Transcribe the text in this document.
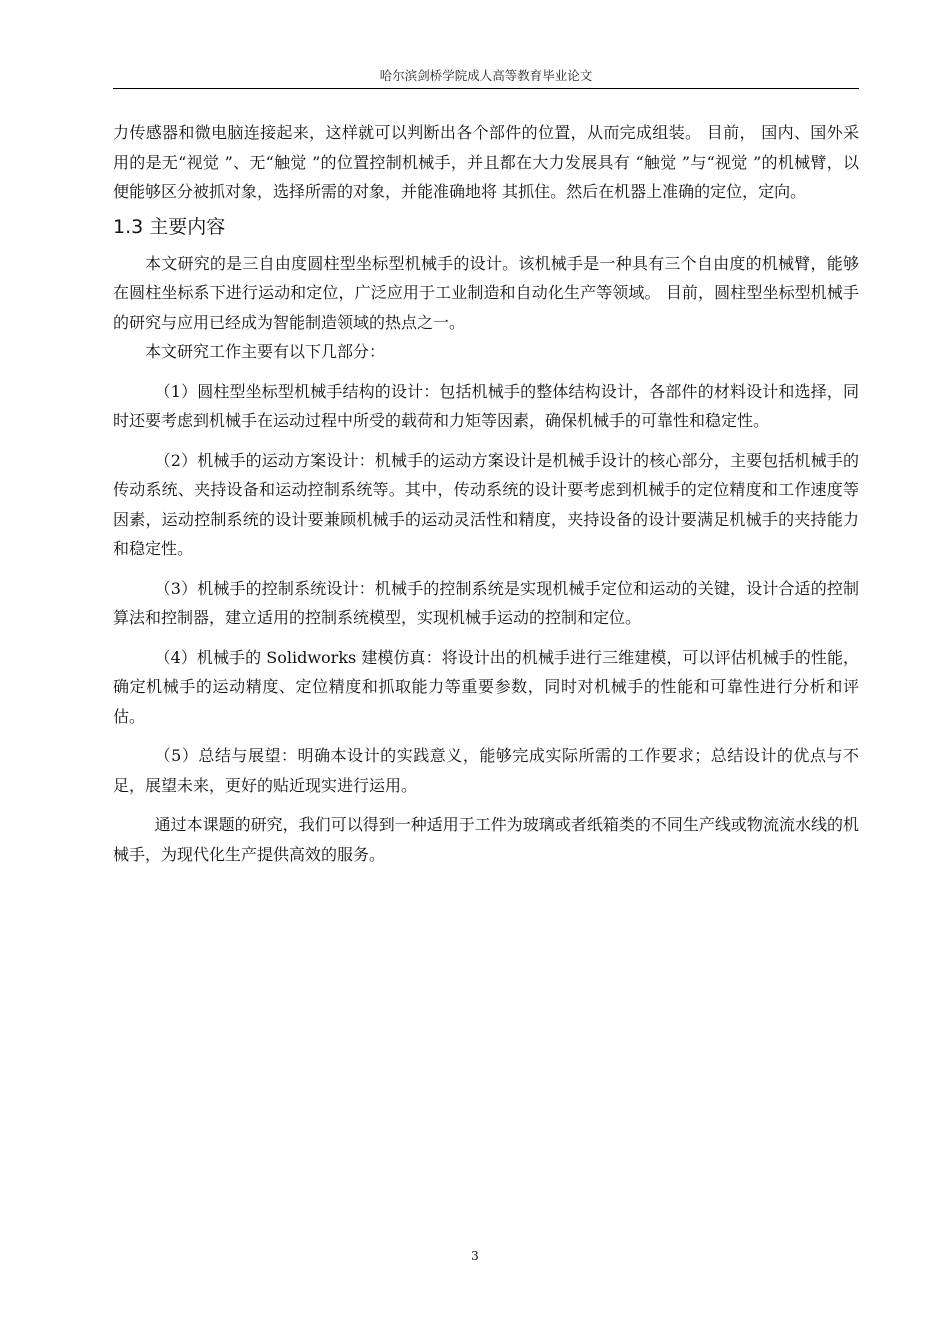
哈尔滨剑桥学院成人高等教育毕业论文

力传感器和微电脑连接起来，这样就可以判断出各个部件的位置，从而完成组装。 目前， 国内、国外采用的是无“视觉 ”、无“触觉 ”的位置控制机械手，并且都在大力发展具有 “触觉 ”与“视觉 ”的机械臂，以便能够区分被抓对象，选择所需的对象，并能准确地将 其抓住。然后在机器上准确的定位，定向。

1.3 主要内容

本文研究的是三自由度圆柱型坐标型机械手的设计。该机械手是一种具有三个自由度的机械臂，能够在圆柱坐标系下进行运动和定位，广泛应用于工业制造和自动化生产等领域。 目前，圆柱型坐标型机械手的研究与应用已经成为智能制造领域的热点之一。

本文研究工作主要有以下几部分：

（1）圆柱型坐标型机械手结构的设计：包括机械手的整体结构设计，各部件的材料设计和选择，同时还要考虑到机械手在运动过程中所受的载荷和力矩等因素，确保机械手的可靠性和稳定性。

（2）机械手的运动方案设计：机械手的运动方案设计是机械手设计的核心部分，主要包括机械手的传动系统、夹持设备和运动控制系统等。其中，传动系统的设计要考虑到机械手的定位精度和工作速度等因素，运动控制系统的设计要兼顾机械手的运动灵活性和精度，夹持设备的设计要满足机械手的夹持能力和稳定性。

（3）机械手的控制系统设计：机械手的控制系统是实现机械手定位和运动的关键，设计合适的控制算法和控制器，建立适用的控制系统模型，实现机械手运动的控制和定位。

（4）机械手的 Solidworks 建模仿真：将设计出的机械手进行三维建模，可以评估机械手的性能，确定机械手的运动精度、定位精度和抓取能力等重要参数，同时对机械手的性能和可靠性进行分析和评估。

（5）总结与展望：明确本设计的实践意义，能够完成实际所需的工作要求；总结设计的优点与不足，展望未来，更好的贴近现实进行运用。

通过本课题的研究，我们可以得到一种适用于工件为玻璃或者纸箱类的不同生产线或物流流水线的机械手，为现代化生产提供高效的服务。

3
